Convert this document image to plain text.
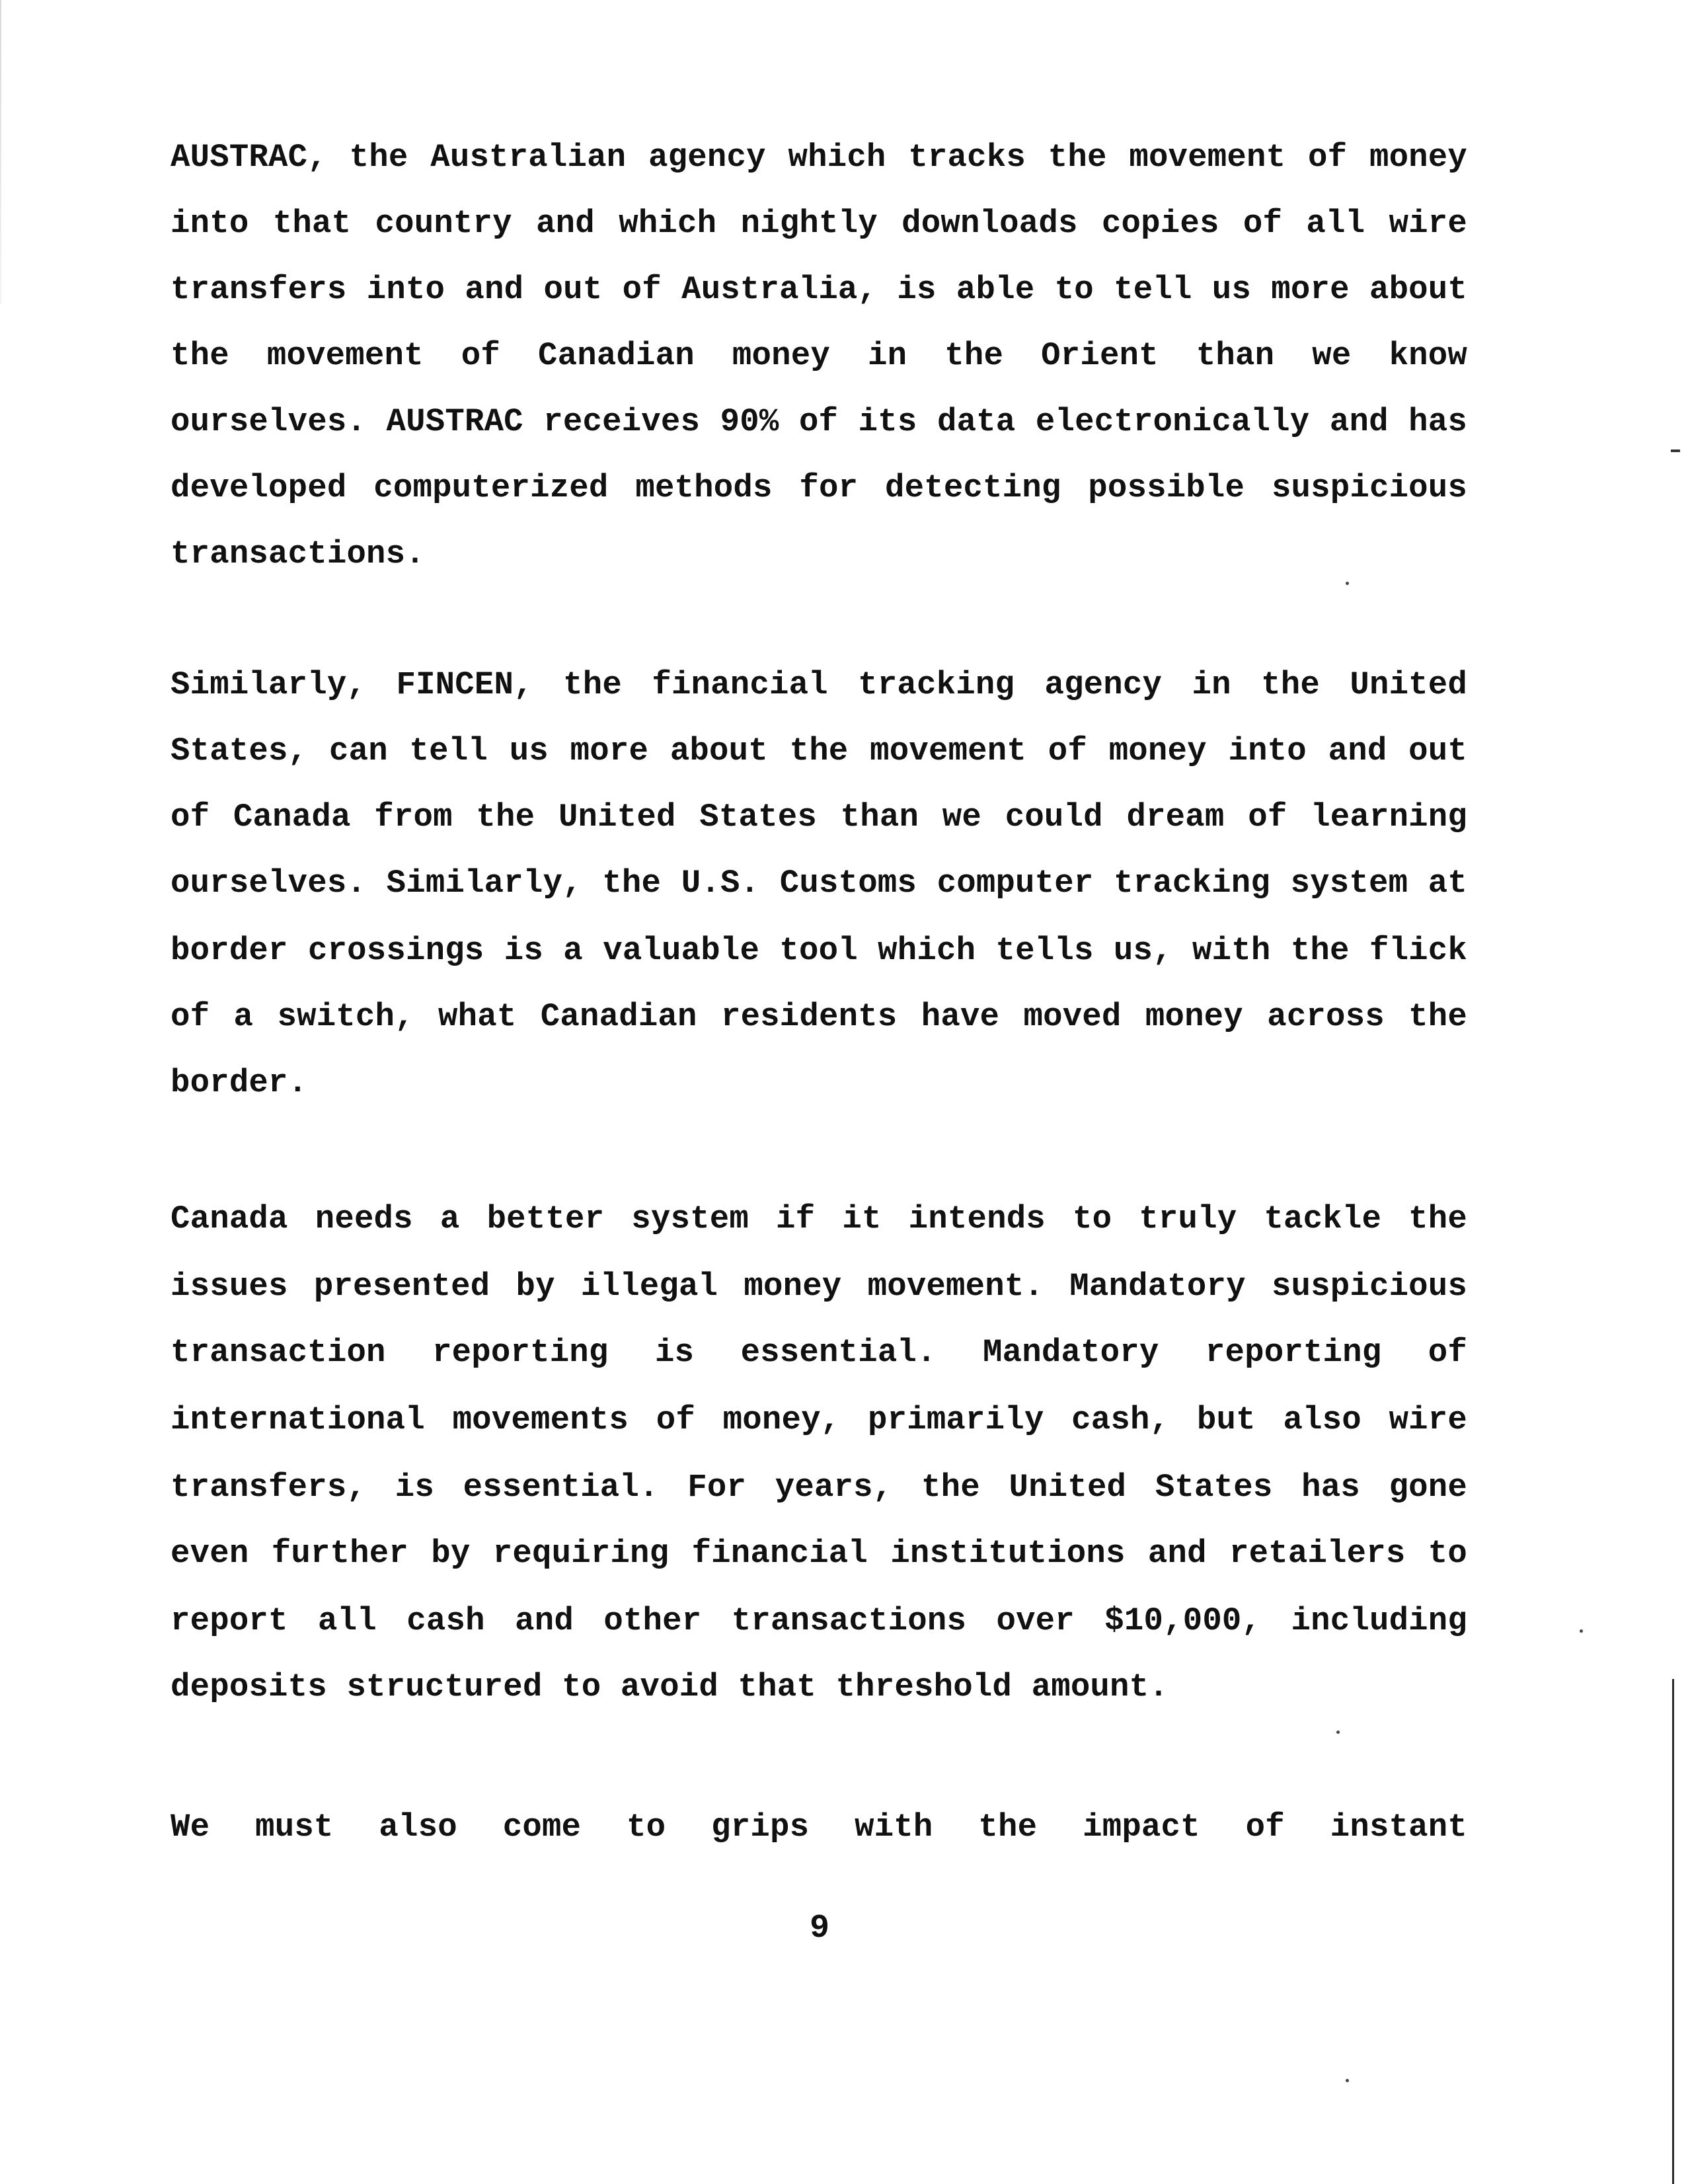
AUSTRAC, the Australian agency which tracks the movement of money
into that country and which nightly downloads copies of all wire
transfers into and out of Australia, is able to tell us more about
the movement of Canadian money in the Orient than we know
ourselves. AUSTRAC receives 90% of its data electronically and has
developed computerized methods for detecting possible suspicious
transactions.
Similarly, FINCEN, the financial tracking agency in the United
States, can tell us more about the movement of money into and out
of Canada from the United States than we could dream of learning
ourselves. Similarly, the U.S. Customs computer tracking system at
border crossings is a valuable tool which tells us, with the flick
of a switch, what Canadian residents have moved money across the
border.
Canada needs a better system if it intends to truly tackle the
issues presented by illegal money movement. Mandatory suspicious
transaction reporting is essential. Mandatory reporting of
international movements of money, primarily cash, but also wire
transfers, is essential. For years, the United States has gone
even further by requiring financial institutions and retailers to
report all cash and other transactions over $10,000, including
deposits structured to avoid that threshold amount.
We must also come to grips with the impact of instant
9
